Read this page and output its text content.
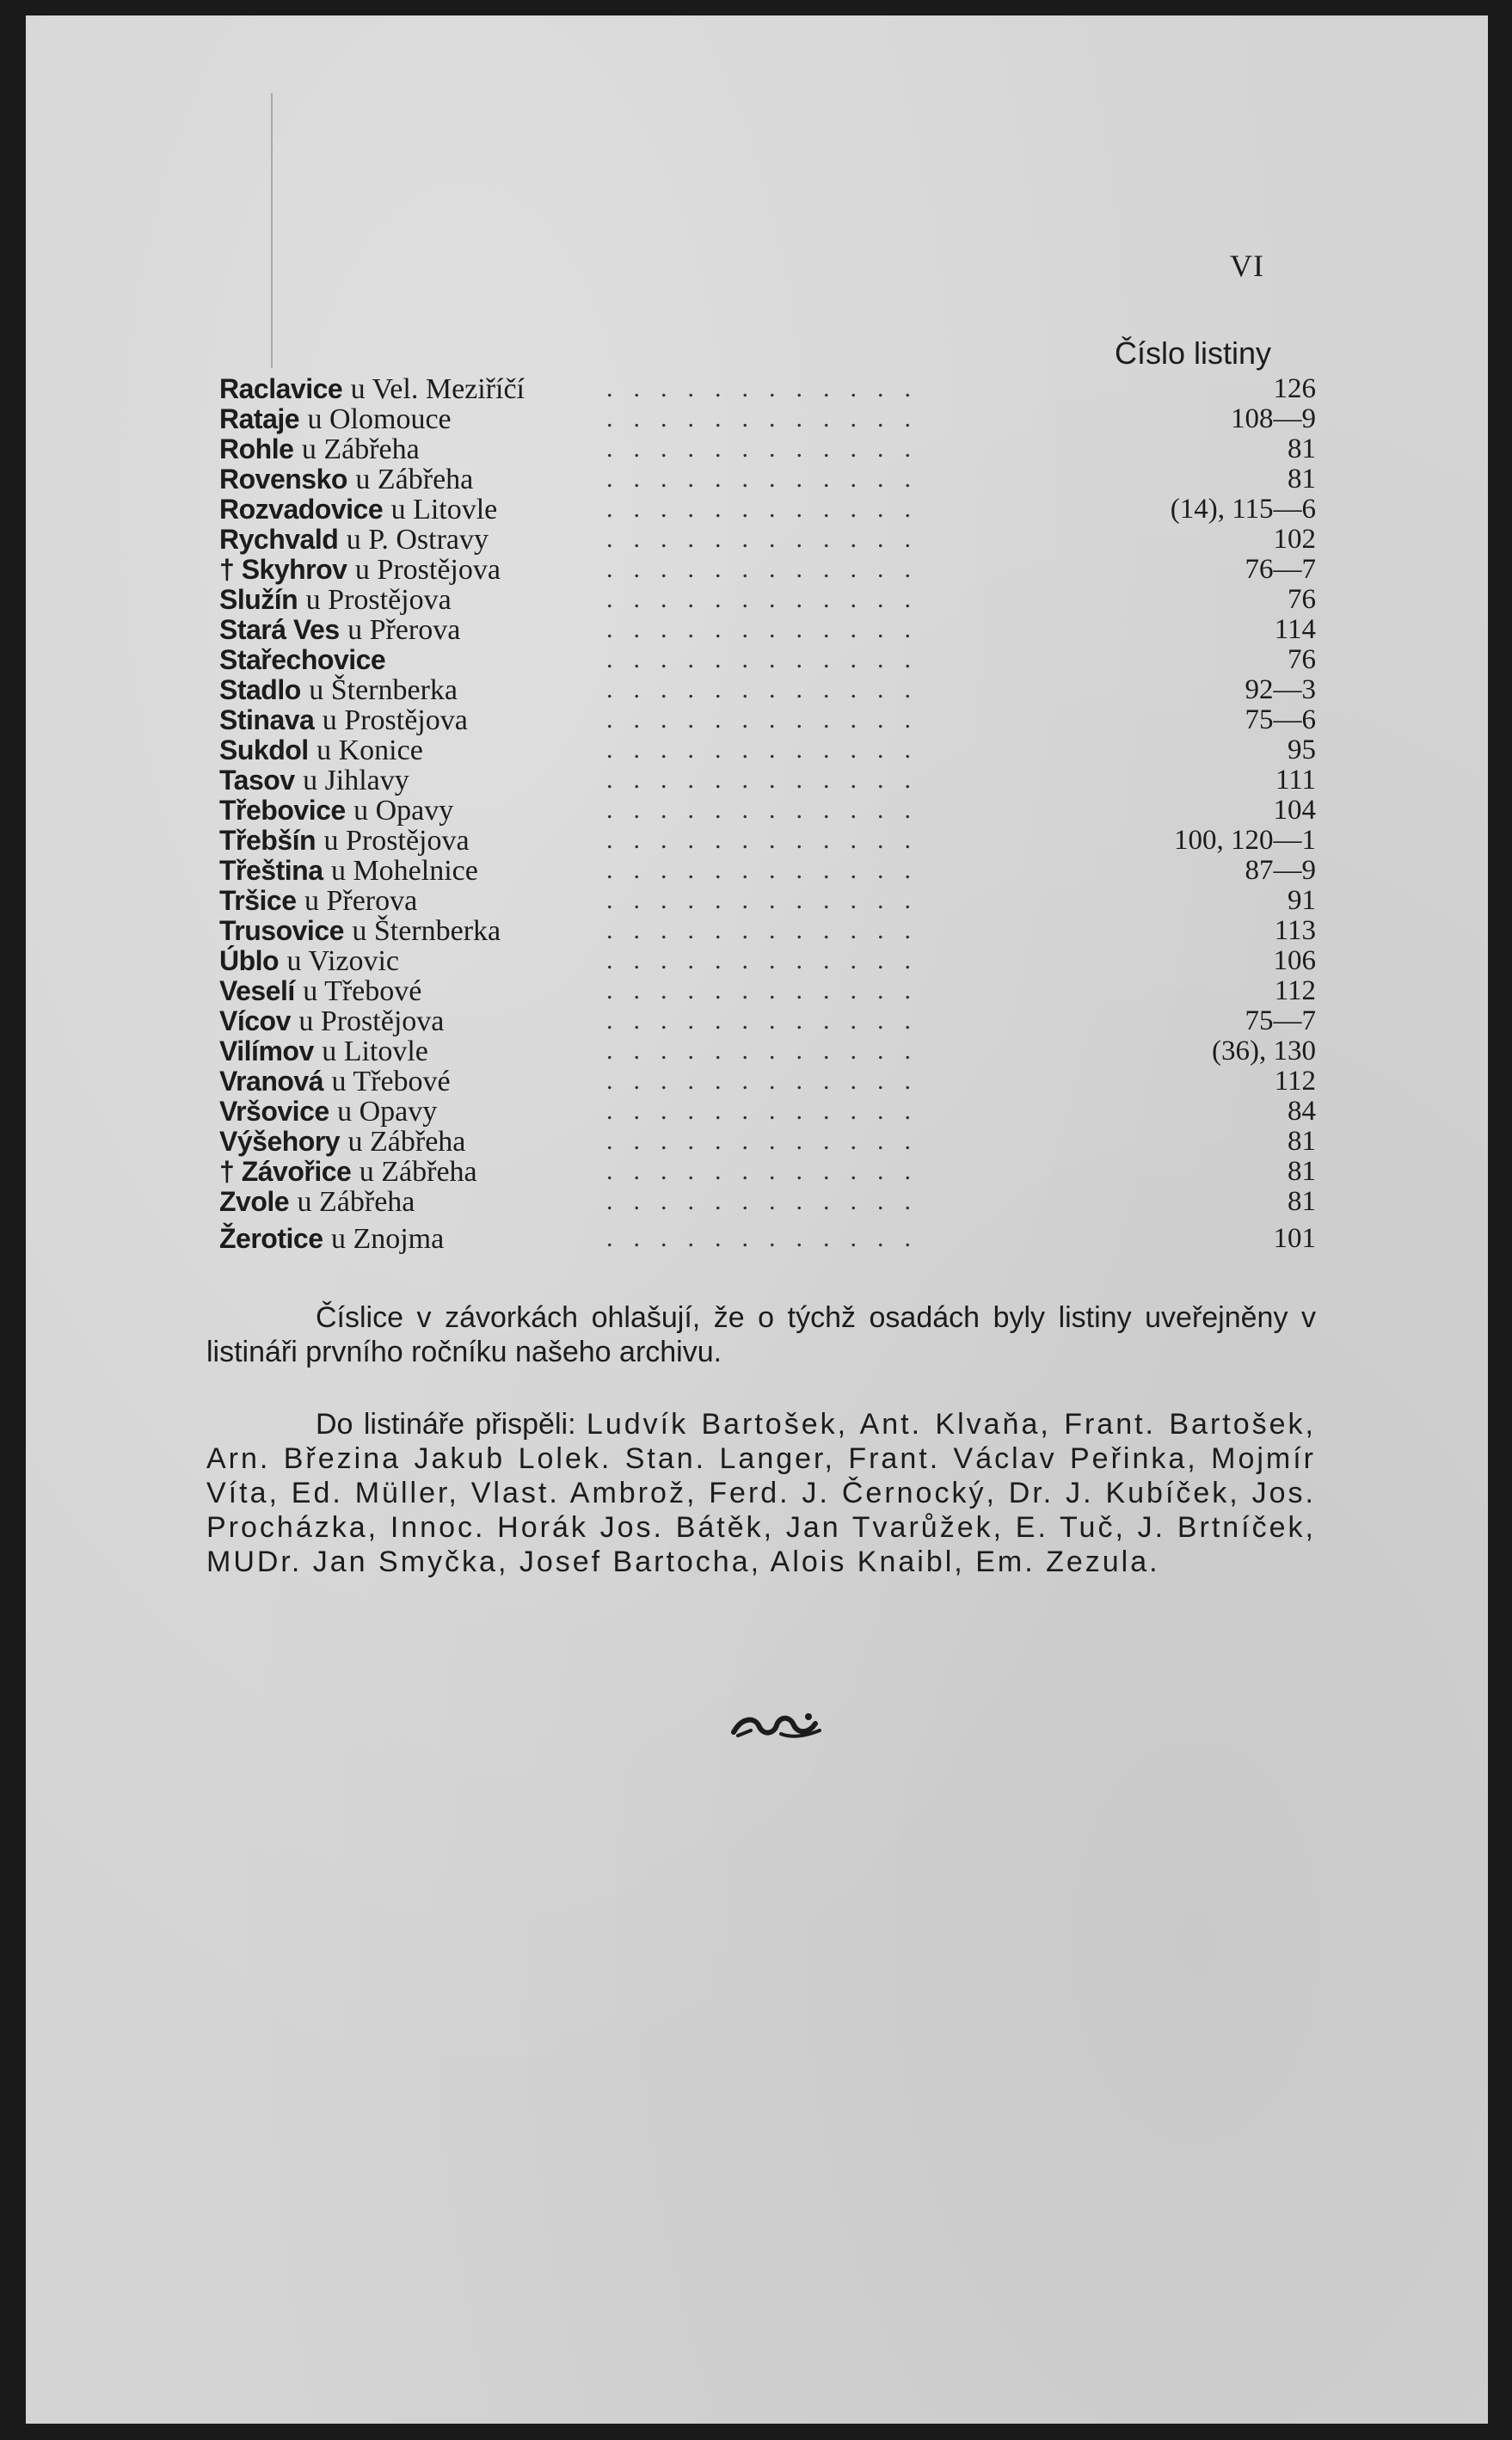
VI
Číslo listiny
Raclavice u Vel. Meziříčí	............	126
Rataje u Olomouce	............	108—9
Rohle u Zábřeha	............	81
Rovensko u Zábřeha	............	81
Rozvadovice u Litovle	............	(14), 115—6
Rychvald u P. Ostravy	............	102
† Skyhrov u Prostějova	............	76—7
Služín u Prostějova	............	76
Stará Ves u Přerova	............	114
Stařechovice	............	76
Stadlo u Šternberka	............	92—3
Stinava u Prostějova	............	75—6
Sukdol u Konice	............	95
Tasov u Jihlavy	............	111
Třebovice u Opavy	............	104
Třebšín u Prostějova	............	100, 120—1
Třeština u Mohelnice	............	87—9
Tršice u Přerova	............	91
Trusovice u Šternberka	............	113
Úblo u Vizovic	............	106
Veselí u Třebové	............	112
Vícov u Prostějova	............	75—7
Vilímov u Litovle	............	(36), 130
Vranová u Třebové	............	112
Vršovice u Opavy	............	84
Výšehory u Zábřeha	............	81
† Závořice u Zábřeha	............	81
Zvole u Zábřeha	............	81
Žerotice u Znojma	............	101

Číslice v závorkách ohlašují, že o týchž osadách byly listiny uveřejněny v listináři prvního ročníku našeho archivu.

Do listináře přispěli: Ludvík Bartošek, Ant. Klvaňa, Frant. Bartošek, Arn. Březina Jakub Lolek. Stan. Langer, Frant. Václav Peřinka, Mojmír Víta, Ed. Müller, Vlast. Ambrož, Ferd. J. Černocký, Dr. J. Kubíček, Jos. Procházka, Innoc. Horák Jos. Bátěk, Jan Tvarůžek, E. Tuč, J. Brtníček, MUDr. Jan Smyčka, Josef Bartocha, Alois Knaibl, Em. Zezula.
